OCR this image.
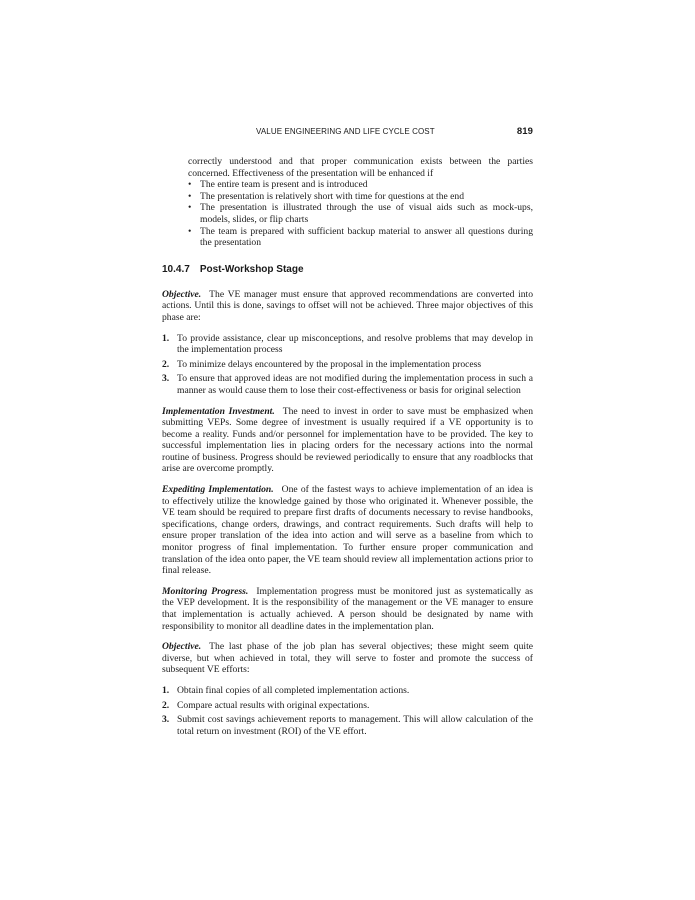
VALUE ENGINEERING AND LIFE CYCLE COST	819

correctly understood and that proper communication exists between the parties concerned. Effectiveness of the presentation will be enhanced if

• The entire team is present and is introduced
• The presentation is relatively short with time for questions at the end
• The presentation is illustrated through the use of visual aids such as mock-ups, models, slides, or flip charts
• The team is prepared with sufficient backup material to answer all questions during the presentation
10.4.7 Post-Workshop Stage

Objective. The VE manager must ensure that approved recommendations are converted into actions. Until this is done, savings to offset will not be achieved. Three major objectives of this phase are:

1. To provide assistance, clear up misconceptions, and resolve problems that may develop in the implementation process
2. To minimize delays encountered by the proposal in the implementation process
3. To ensure that approved ideas are not modified during the implementation process in such a manner as would cause them to lose their cost-effectiveness or basis for original selection

Implementation Investment. The need to invest in order to save must be emphasized when submitting VEPs. Some degree of investment is usually required if a VE opportunity is to become a reality. Funds and/or personnel for implementation have to be provided. The key to successful implementation lies in placing orders for the necessary actions into the normal routine of business. Progress should be reviewed periodically to ensure that any roadblocks that arise are overcome promptly.

Expediting Implementation. One of the fastest ways to achieve implementation of an idea is to effectively utilize the knowledge gained by those who originated it. Whenever possible, the VE team should be required to prepare first drafts of documents necessary to revise handbooks, specifications, change orders, drawings, and contract requirements. Such drafts will help to ensure proper translation of the idea into action and will serve as a baseline from which to monitor progress of final implementation. To further ensure proper communication and translation of the idea onto paper, the VE team should review all implementation actions prior to final release.

Monitoring Progress. Implementation progress must be monitored just as systematically as the VEP development. It is the responsibility of the management or the VE manager to ensure that implementation is actually achieved. A person should be designated by name with responsibility to monitor all deadline dates in the implementation plan.

Objective. The last phase of the job plan has several objectives; these might seem quite diverse, but when achieved in total, they will serve to foster and promote the success of subsequent VE efforts:

1. Obtain final copies of all completed implementation actions.
2. Compare actual results with original expectations.
3. Submit cost savings achievement reports to management. This will allow calculation of the total return on investment (ROI) of the VE effort.
